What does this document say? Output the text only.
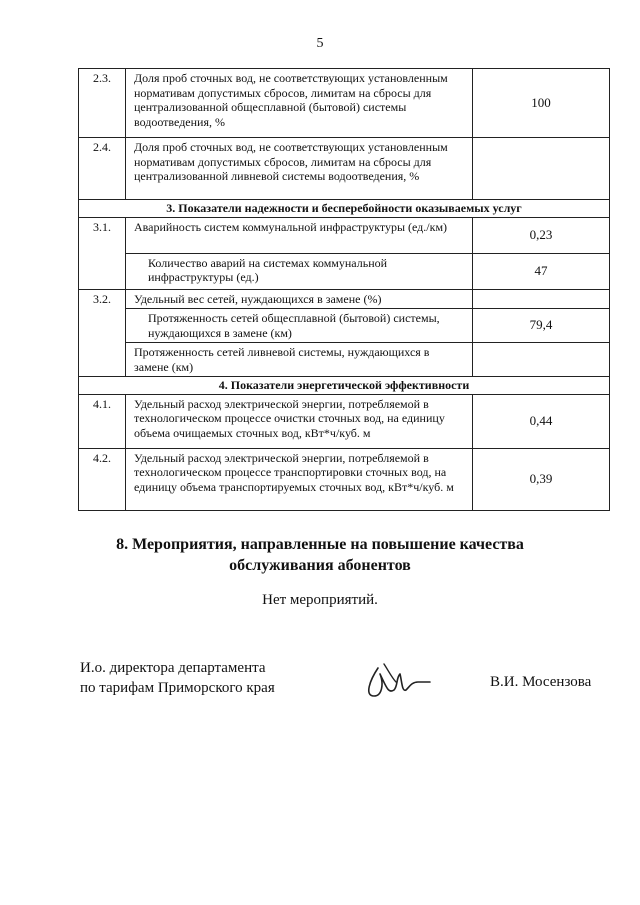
5
2.3.	Доля проб сточных вод, не соответствующих установленным нормативам допустимых сбросов, лимитам на сбросы для централизованной общесплавной (бытовой) системы водоотведения, %	100
2.4.	Доля проб сточных вод, не соответствующих установленным нормативам допустимых сбросов, лимитам на сбросы для централизованной ливневой системы водоотведения, %	
3. Показатели надежности и бесперебойности оказываемых услуг		
3.1.	Аварийность систем коммунальной инфраструктуры (ед./км)	0,23

	Количество аварий на системах коммунальной инфраструктуры (ед.)	47
3.2.	Удельный вес сетей, нуждающихся в замене (%)	

	Протяженность сетей общесплавной (бытовой) системы, нуждающихся в замене (км)	79,4
	Протяженность сетей ливневой системы, нуждающихся в замене (км)	
4. Показатели энергетической эффективности		
4.1.	Удельный расход электрической энергии, потребляемой в технологическом процессе очистки сточных вод, на единицу объема очищаемых сточных вод, кВт*ч/куб. м	0,44
4.2.	Удельный расход электрической энергии, потребляемой в технологическом процессе транспортировки сточных вод, на единицу объема транспортируемых сточных вод, кВт*ч/куб. м	0,39
8. Мероприятия, направленные на повышение качества
обслуживания абонентов
Нет мероприятий.
И.о. директора департамента
по тарифам Приморского края	В.И. Мосензова
